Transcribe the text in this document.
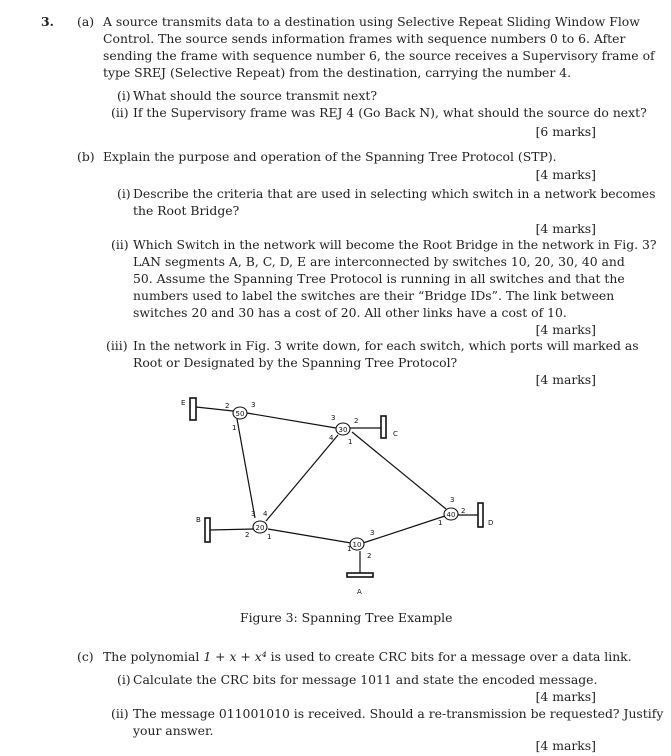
3. (a) A source transmits data to a destination using Selective Repeat Sliding Window Flow
Control. The source sends information frames with sequence numbers 0 to 6. After
sending the frame with sequence number 6, the source receives a Supervisory frame of
type SREJ (Selective Repeat) from the destination, carrying the number 4.
(i) What should the source transmit next?
(ii) If the Supervisory frame was REJ 4 (Go Back N), what should the source do next?
[6 marks]
(b) Explain the purpose and operation of the Spanning Tree Protocol (STP).
[4 marks]
(i) Describe the criteria that are used in selecting which switch in a network becomes
the Root Bridge?
[4 marks]
(ii) Which Switch in the network will become the Root Bridge in the network in Fig. 3?
LAN segments A, B, C, D, E are interconnected by switches 10, 20, 30, 40 and
50. Assume the Spanning Tree Protocol is running in all switches and that the
numbers used to label the switches are their “Bridge IDs”. The link between
switches 20 and 30 has a cost of 20. All other links have a cost of 10.
[4 marks]
(iii) In the network in Fig. 3 write down, for each switch, which ports will marked as
Root or Designated by the Spanning Tree Protocol?
[4 marks]
50
30
40
20
10
E
C
B	D
A
2	3
1
3	2
4 1
3
2
1
3 4
2	1	3
1
2
Figure 3: Spanning Tree Example
(c) The polynomial 1 + x + x⁴ is used to create CRC bits for a message over a data link.
(i) Calculate the CRC bits for message 1011 and state the encoded message.
[4 marks]
(ii) The message 011001010 is received. Should a re-transmission be requested? Justify
your answer.
[4 marks]
